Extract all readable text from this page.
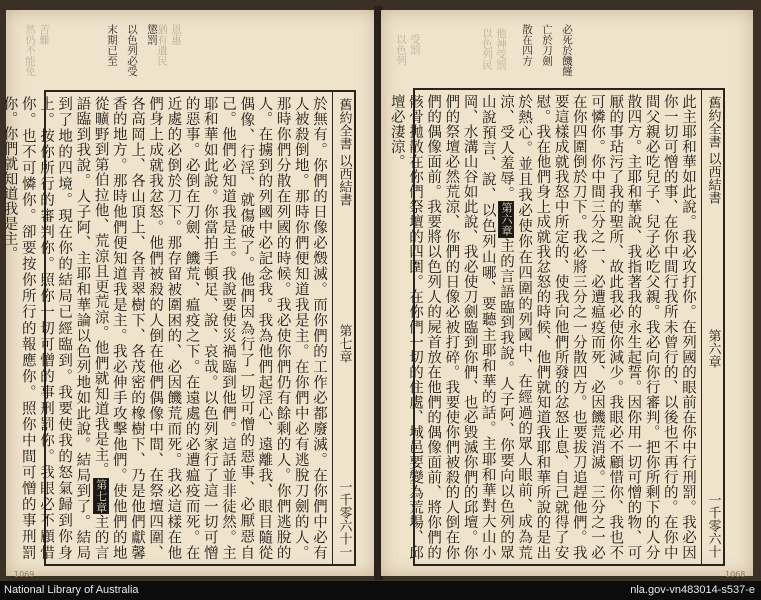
懲罰
以色列必受
末期已至	猶有遺民 恩惠
然仍不能免 苦難
舊約全書 以西結書
第七章
一千零六十一

於無有。你們的日像必燬滅。而你們的工作必都廢滅。在你們中必有人被殺倒地。那時你們便知道我是主。在你們中必有逃脫刀劍的人。那時你們分散在列國的時候。我必使你們仍有餘剩的人。你們逃脫的人。在擄到的列國中必記念我。我為他們起淫心、遠離我、眼目隨從偶像、行淫、就傷破了。他們因為行了一切可憎的惡事、必厭惡自己。他們必知道我是主。我說要使災禍臨到他們。這話並非徒然。主耶和華如此說。你當拍手頓足、說、哀哉。以色列家行了這一切可憎的惡事。必倒在刀劍、饑荒、瘟疫之下。在遠處的必遭瘟疫而死。在近處的必倒於刀下。那存留被圍困的、必因饑荒而死。我必這樣在他們身上成就我忿怒。他們被殺的人倒在他們偶像中間、在祭壇四圍、各高岡上、各山頂上、各青翠樹下、各茂密的橡樹下、乃是他們獻馨香的地方。那時他們便知道我是主。我必伸手攻擊他們。使他們的地從曠野到第伯拉他、荒涼且更荒涼。他們就知道我是主。第七章主的言語臨到我說。人子阿、主耶和華論以色列地如此說。結局到了。結局到了地的四境。現在你的結局已經臨到。我要使我的怒氣歸到你身上。按你所行的審判你。照你一切可憎的事刑罰你。我眼必不顧惜你。也不可憐你。卻要按你所行的報應你。照你中間可憎的事刑罰你。你們就知道我是主。

1069
必死於饑饉
亡於刀劍
散在四方
以色列民 他神受罰
以色列 受罰
舊約全書 以西結書
第六章
一千零六十

此主耶和華如此說。我必攻打你。在列國的眼前在你中行刑罰。我必因你一切可憎的事、在你中間行我所未曾行的、以後也不再行的。在你中間父親必吃兒子、兒子必吃父親。我必向你行審判。把你所剩下的人分散四方。主耶和華說、我指著我的永生起誓。因你用一切可憎的物、可厭的事玷污了我的聖所、故此我必使你減少。我眼必不顧惜你、我也不可憐你。你中間三分之一、必遭瘟疫而死、必因饑荒消滅。三分之一必在你四圍倒於刀下。我必將三分之一分散四方。也要拔刀追趕他們。我要這樣成就我怒中所定的、使我向他們所發的忿怒止息、自己就得了安慰。我在他們身上成就我忿怒的時候、他們就知道我耶和華所說的是出於熱心。並且我必使你在四圍的列國中、在經過的眾人眼前、成為荒涼、受人羞辱。第六章主的言語臨到我說。人子阿、你要向以色列的眾山說預言、說、以色列山哪、要聽主耶和華的話。主耶和華對大山小岡、水溝山谷如此說、我必使刀劍臨到你們、也必毀滅你們的邱壇。你們的祭壇必然荒涼、你們的日像必被打碎。我要使你們被殺的人倒在你們的偶像面前。我要將以色列人的屍首放在他們的偶像面前、將你們的骸骨拋散在你們祭壇的四圍。在你們一切的住處、城邑要變為荒場、邱壇必淒涼。

1068
National Library of Australia	nla.gov-vn483014-s537-e
